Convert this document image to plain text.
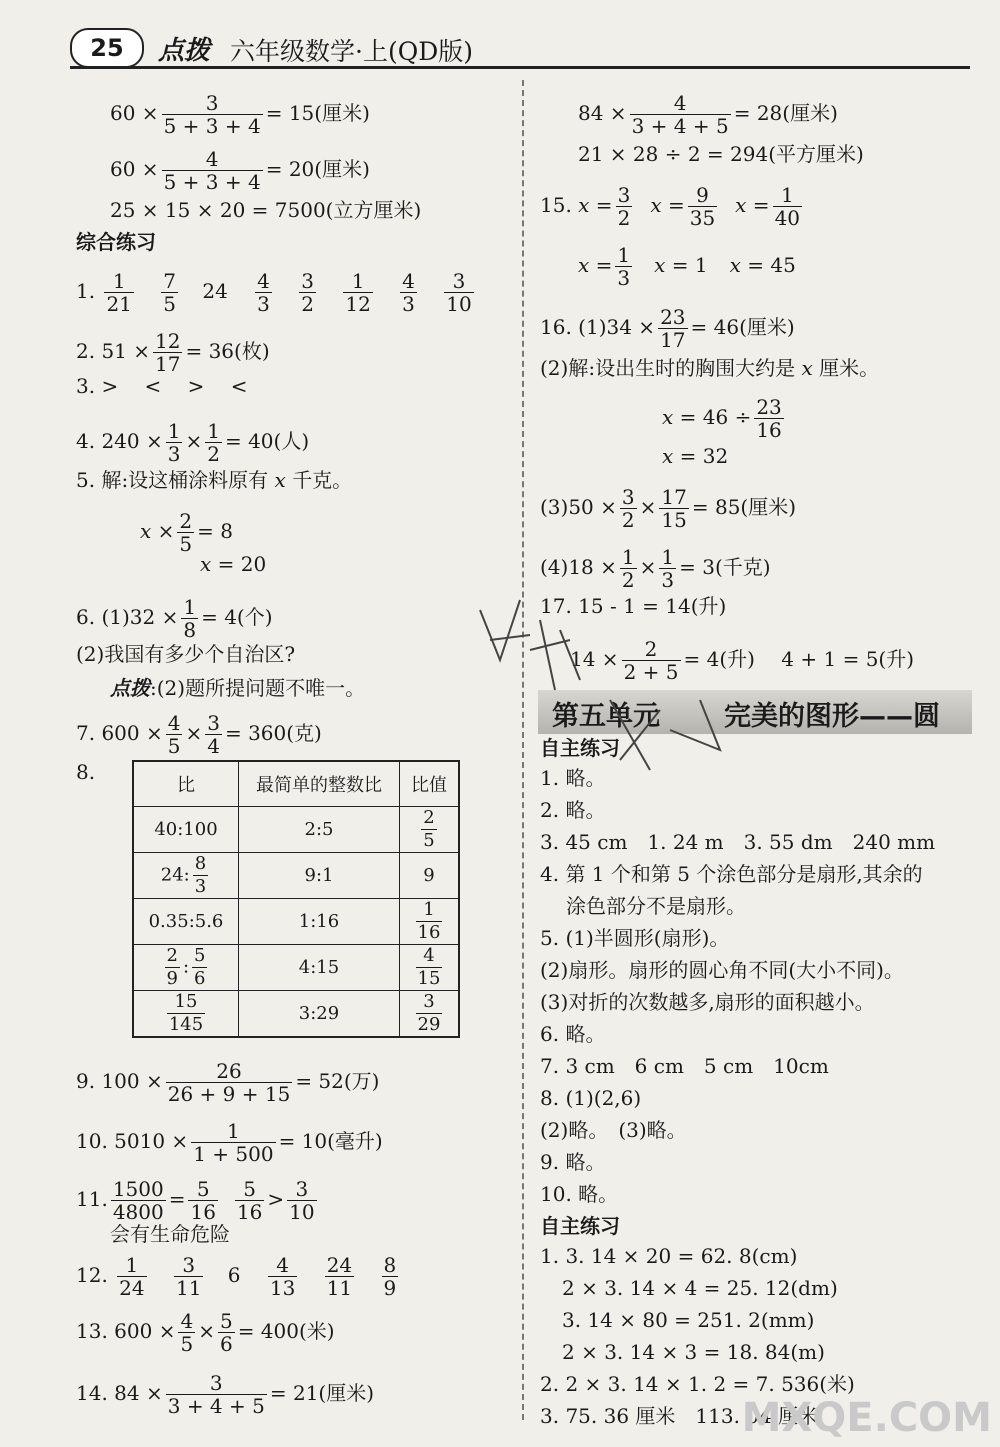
25	点拨 六年级数学·上(QD版)
$60 \times \frac{3}{5 + 3 + 4} = 15$(厘米)
$60 \times \frac{4}{5 + 3 + 4} = 20$(厘米)
25 × 15 × 20 = 7500(立方厘米)
综合练习
1. $\frac{1}{21}$
$\frac{7}{5} 24 \frac{4}{3}$
$\frac{3}{2}$
$\frac{1}{12}$
$\frac{4}{3}$
$\frac{3}{10}$
2. $51 \times \frac{12}{17} = 36$(枚)
3. >　 <　 >　 <
4. $240 \times \frac{1}{3} \times \frac{1}{2} = 40$(人)
5. 解:设这桶涂料原有 x 千克。
$x \times \frac{2}{5} = 8$
x = 20
6. $(1)32 \times \frac{1}{8} = 4$(个)
(2)我国有多少个自治区?
点拨:(2)题所提问题不唯一。
7. $600 \times \frac{4}{5} \times \frac{3}{4} = 360$(克)
8.
比	最简单的整数比	比值
40:100	2:5	$\frac{2}{5}$

24: $\frac{8}{3}$	9:1	9
0.35:5.6	1:16	$\frac{1}{16}$

$\frac{2}{9}$ : $\frac{5}{6}$	4:15	$\frac{4}{15}$

$\frac{15}{145}$	3:29	$\frac{3}{29}$
9. $100 \times \frac{26}{26 + 9 + 15} = 52$(万)
10. $5010 \times \frac{1}{1 + 500} = 10$(毫升)
11. $\frac{1500}{4800} = \frac{5}{16} \frac{5}{16} > \frac{3}{10}$
会有生命危险
12. $\frac{1}{24}$
$\frac{3}{11} 6 \frac{4}{13}$
$\frac{24}{11}$
$\frac{8}{9}$
13. $600 \times \frac{4}{5} \times \frac{5}{6} = 400$(米)
14. $84 \times \frac{3}{3 + 4 + 5} = 21$(厘米)
$84 \times \frac{4}{3 + 4 + 5} = 28$(厘米)
21 × 28 ÷ 2 = 294(平方厘米)
15. $x = \frac{3}{2}$ $x = \frac{9}{35}$ $x = \frac{1}{40}$
$x = \frac{1}{3}$ x = 1 x = 45
16. $(1)34 \times \frac{23}{17} = 46$(厘米)
(2)解:设出生时的胸围大约是 x 厘米。
$x = 46 \div \frac{23}{16}$
x = 32
$(3)50 \times \frac{3}{2} \times \frac{17}{15} = 85$(厘米)
$(4)18 \times \frac{1}{2} \times \frac{1}{3} = 3$(千克)
17. 15 - 1 = 14(升)
$14 \times \frac{2}{2 + 5} = 4$(升)　 4 + 1 = 5(升)
第五单元 完美的图形——圆
自主练习
1. 略。
2. 略。
3. 45 cm　1. 24 m　3. 55 dm　240 mm
4. 第 1 个和第 5 个涂色部分是扇形,其余的
涂色部分不是扇形。
5. (1)半圆形(扇形)。
(2)扇形。扇形的圆心角不同(大小不同)。
(3)对折的次数越多,扇形的面积越小。
6. 略。
7. 3 cm　6 cm　5 cm　10cm
8. (1)(2,6)
(2)略。　(3)略。
9. 略。
10. 略。
自主练习
1. 3. 14 × 20 = 62. 8(cm)
2 × 3. 14 × 4 = 25. 12(dm)
3. 14 × 80 = 251. 2(mm)
2 × 3. 14 × 3 = 18. 84(m)
2. 2 × 3. 14 × 1. 2 = 7. 536(米)
3. 75. 36 厘米　113. 04 厘米
MXQE.COM
